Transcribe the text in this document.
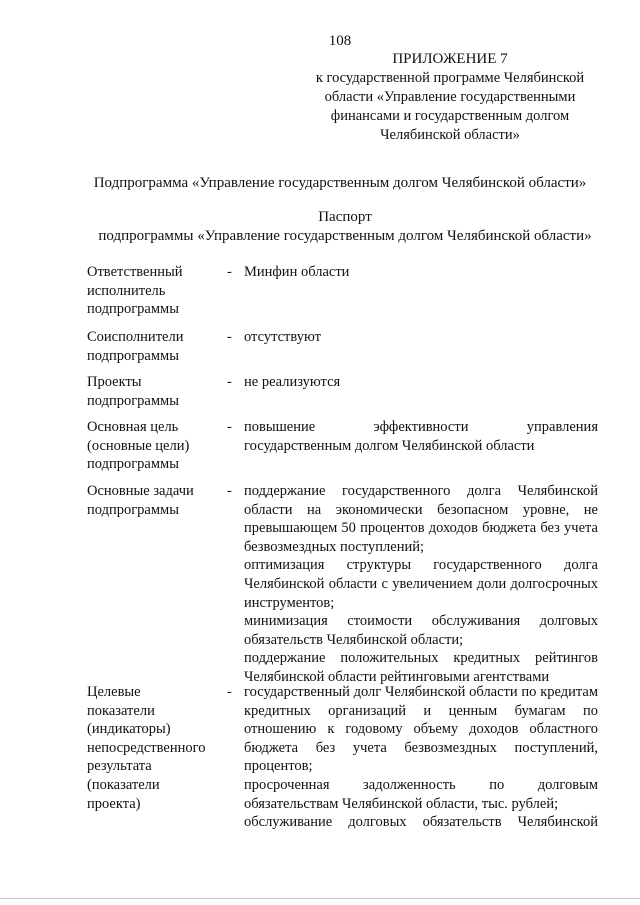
108
ПРИЛОЖЕНИЕ 7
к государственной программе Челябинской
области «Управление государственными
финансами и государственным долгом
Челябинской области»
Подпрограмма «Управление государственным долгом Челябинской области»
Паспорт
подпрограммы «Управление государственным долгом Челябинской области»
Ответственный
исполнитель
подпрограммы
- Минфин области

Соисполнители
подпрограммы
- отсутствуют

Проекты
подпрограммы
- не реализуются

Основная цель
(основные цели)
подпрограммы
- повышение эффективности управления государственным долгом Челябинской области

Основные задачи
подпрограммы
- поддержание государственного долга Челябинской области на экономически безопасном уровне, не превышающем 50 процентов доходов бюджета без учета безвозмездных поступлений;

оптимизация структуры государственного долга Челябинской области с увеличением доли долгосрочных инструментов;

минимизация стоимости обслуживания долговых обязательств Челябинской области;

поддержание положительных кредитных рейтингов Челябинской области рейтинговыми агентствами

Целевые
показатели
(индикаторы)
непосредственного
результата
(показатели
проекта)
- государственный долг Челябинской области по кредитам кредитных организаций и ценным бумагам по отношению к годовому объему доходов областного бюджета без учета безвозмездных поступлений, процентов;

просроченная задолженность по долговым обязательствам Челябинской области, тыс. рублей;

обслуживание долговых обязательств Челябинской
